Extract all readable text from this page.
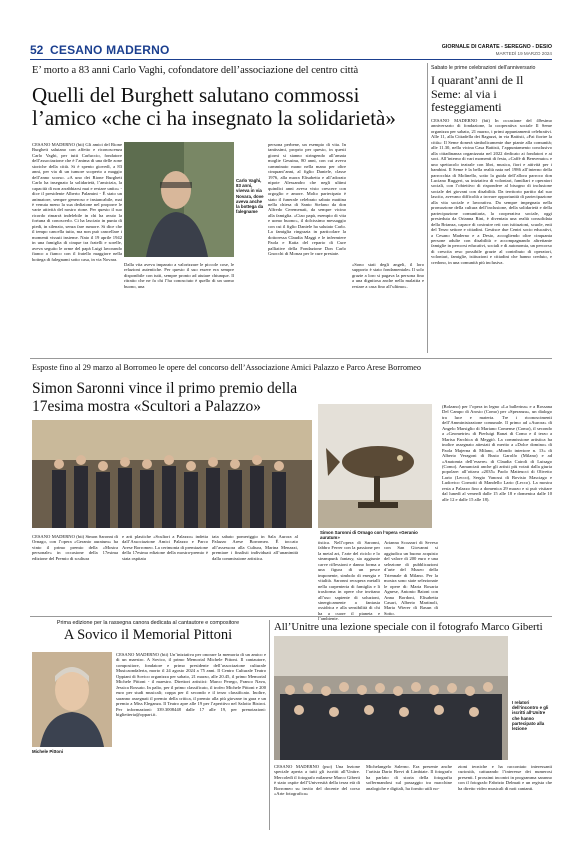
52 CESANO MADERNO	GIORNALE DI CARATE - SEREGNO - DESIO
MARTEDÌ 19 MARZO 2024
E’ morto a 83 anni Carlo Vaghi, cofondatore dell’associazione del centro città
Quelli del Burghett salutano commossi l’amico «che ci ha insegnato la solidarietà»
CESANO MADERNO (bti) Gli amici del Rione Burghett salutano con affetto e riconoscenza Carlo Vaghi, per tutti Carluccio, fondatore dell’associazione che è l’anima di una delle zone storiche della città. Si è spento giovedì, a 83 anni, per via di un tumore scoperto a maggio dell’anno scorso. «A uno dei Rione Burghett Carlo ha insegnato la solidarietà, l’amicizia, la capacità di non arrabbiarsi mai e restare unito» - dice il presidente Alberto Palamini - È stato un animatore, sempre generoso e instancabile, mai è venuta meno la sua dedizione nel proporre le varie attività del nostro rione. Per questo il suo ricordo rimarrà indelebile in chi ha avuto la fortuna di conoscerlo. Ci ha lasciato in punta di piedi, in silenzio, senza fare rumore. Si dice che il tempo cancella tutto, ma non può cancellare i momenti vissuti insieme. Nato il 19 aprile 1942 in una famiglia di cinque tra fratelli e sorelle, aveva seguito le orme del papà Luigi lavorando fianco a fianco con il fratello maggiore nella bottega di falegnami sotto casa, in via Novara.
Carlo Vaghi, 83 anni, viveva in via Novara, dove aveva anche la bottega da falegname
Dalla vita aveva imparato a valorizzare le piccole cose, le relazioni autentiche. Per questo il suo essere era sempre disponibile con tutti, sempre pronto ad aiutare chiunque. Il ritratto che ne fa chi l’ha conosciuto è quello di un uomo buono, una
persona perbene, un esempio di vita. In tantissimi, proprio per questo, in questi giorni si stanno stringendo all’amata moglie Gesuina, 80 anni, con cui aveva camminato mano nella mano per oltre cinquant’anni, al figlio Daniele, classe 1976, alla nuora Elisabetta e all’adorato nipote Alessandro che negli ultimi quindici anni aveva visto crescere con orgoglio e amore. Molto partecipato è stato il funerale celebrato sabato mattina nella chiesa di Santo Stefano da don Alfredo Ceremenati, da sempre vicino alla famiglia. «Ciao papà, esempio di vita e uomo buono», il dolcissimo messaggio con cui il figlio Daniele ha salutato Carlo. La famiglia ringrazia in particolare la dottoressa Claudia Maggi e le infermiere Paola e Katia del reparto di Cure palliative della Fondazione Don Carlo Gnocchi di Monza per le cure prestate.
«Sono stati degli angeli, il loro supporto è stato fondamentale» Il solo grazie a loro si pagava la persona fino a una dignitosa anche nella malattia e restare a casa fino all’ultimo».
Sabato le prime celebrazioni dell’anniversario
I quarant’anni de Il Seme: al via i festeggiamenti
CESANO MADERNO (bti) In occasione del 40esimo anniversario di fondazione, la cooperativa sociale Il Seme organizza per sabato, 21 marzo, i primi appuntamenti celebrativi. Alle 11, alla Cittadella dei Ragazzi, in via Battisti, «Fai fiorire la città»: Il Seme donerà simbolicamente due piante alla comunità; alle 11.30, nella vicina Casa Battisti, l’appuntamento conclusivo alla cittadinanza organizzata nel 2022 dedicato ai fondatori e ai soci. All’interno di vari momenti di festa, «Caffè di Benvenuto» e uno spettacolo teatrale con libri, musica, fiori e attività per i bambini. Il Seme è la bella realtà nata nel 1986 all’interno della parrocchia di Molinello, sotto la guida dell’allora parroco don Luciano Ruggeri, su iniziativa di volontari, familiari e operatori sociali, con l’obiettivo di rispondere al bisogno di inclusione sociale dei giovani con disabilità. Da territorio partito dal suo lascito, avevano difficoltà a trovare opportunità di partecipazione alla vita sociale e lavorativa. Da sempre impegnata nella promozione della cultura dell’inclusione, della solidarietà e della partecipazione comunitaria, la cooperativa sociale, oggi presieduta da Orianna Rini, è diventata una realtà consolidata della Brianza, capace di costruire reti con istituzioni, scuole, enti del Terzo settore e cittadini. Gestisce due Centri socio educativi, a Cesano Maderno e a Desio, accogliendo oltre cinquanta persone adulte con disabilità e accompagnando altrettante famiglie in percorsi educativi, sociali e di autonomia, un percorso di crescita reso possibile grazie al contributo di operatori, volontari, famiglie, istituzioni e cittadini che hanno creduto, e credono, in una comunità più inclusiva.
Esposte fino al 29 marzo al Borromeo le opere del concorso dell’Associazione Amici Palazzo e Parco Arese Borromeo
Simon Saronni vince il primo premio della 17esima mostra «Scultori a Palazzo»
Simon Saronni di Ornago con l’opera «Geranio auratum»
CESANO MADERNO (bti) Simon Saronni di Ornago, con l’opera «Geranio auratum» ha vinto il primo premio della «Mostra personale» in occasione della 17esima edizione del Premio di scultura
e arti plastiche «Scultori a Palazzo» indetta dall’Associazione Amici Palazzo e Parco Arese Borromeo. La cerimonia di premiazione della 17esima edizione della mostra-premio è stata ospitata
tata sabato pomeriggio in Sala Aurora al Palazzo Arese Borromeo. È toccato all’assessora alla Cultura, Marina Menazzi, premiare i finalisti individuati all’unanimità dalla commissione artistica.
tistica. Nell’opera di Saronni, fabbro Ferrer con la passione per la metal art, l’arte del riciclo e lo steampunk fantasy, sia aggiunte carve riflessioni e danno forma a una figura di un pesce imponente, simbolo di energia e vitalità. Saronni recupera metalli nella carpenteria di famiglia e li trasforma in opere che invitano all’uso sapiente di soluzioni, sinergicamente a fantasia ossidrica e alla sensibilità di chi ha a cuore il pianeta e l’ambiente.
Arianna Scozzari di Seveso con San Giovanni si aggiudica un buono acquisto del valore di 200 euro e una selezione di pubblicazioni d’arte del Museo della Triennale di Milano. Per la mostra sono state selezionate le opere di: Maria Rosaria Agnese, Antonio Baioni con Anna Bordoni, Elisabetta Casari, Alberto Martinoli, Marta Wierer di Rasun di Sotto.
(Bolzano) per l’opera in legno «La ballerina» e a Rossana Del Campo di Arosio (Como) per «Speranza», un dialogo tra luce e materia. Tre i riconoscimenti dell’Amministrazione comunale. Il primo ad «Aurora» di Angelo Marsiglio di Mariano Comense (Como), il secondo a «Geometrie» di Pierluigi Ranzi di Como e il terzo a Marisa Farchica di Meggiò. La commissione artistica ha inoltre assegnato attestati di merito a «Dolce domino» di Paola Majerna di Milano, «Mondo interiore n. 13» di Alberto Veragoni di Busto Garolfo (Milano) e ad «Anatomia dell’essere» di Claudia Cairoli di Luisago (Como). Annunciati anche gli artisti più votati dalla giuria popolare: all’ottava «2035» Paolo Matteucci di Olivetto Lario (Lecco), Sergio Vanossi di Bovisio Masciago e Ludovico Cornotti di Mandello Lario (Lecco). La mostra resta a Palazzo fino a domenica 29 marzo e si può visitare dal lunedì al venerdì dalle 15 alle 18 e domenica dalle 10 alle 12 e dalle 15 alle 18).
Prima edizione per la rassegna canora dedicata al cantautore e compositore
A Sovico il Memorial Pittoni
Michele Pittoni
CESANO MADERNO (bti) Un’iniziativa per onorare la memoria di un amico e di un maestro. A Sovico, il primo Memorial Michele Pittoni. Il cantautore, compositore, fondatore e primo presidente dell’associazione culturale Musicaondalerta, morto il 24 agosto 2024 a 75 anni. Il Centro Culturale Teatro Oppiani di Sovico organizza per sabato, 21 marzo, alle 20.45, il primo Memorial Michele Pittoni - il maestro. Direttori artistici: Marco Perego, Franco Nava, Jessica Rossato. In palio, per il primo classificato, il trofeo Michele Pittoni e 200 euro per studi musicali; coppa per il secondo e il terzo classificato. Inoltre, saranno assegnati il premio della critica, il premio alla più giovane in gara e un premio a Miss Eleganza. Il Teatro apre alle 19 per l’aperitivo nel Salotto Bistrot. Per informazioni: 339.3008448 dalle 17 alle 19, per prenotazioni: biglietteria@oppart.it.
All’Unitre una lezione speciale con il fotografo Marco Giberti
I relatori dell’incontro e gli iscritti all’Unitre che hanno partecipato alla lezione
CESANO MADERNO (pso) Una lezione speciale aperta a tutti gli iscritti all’Unitre. Mercoledì il fotografo milanese Marco Giberti è stato ospite dell’Università della terza età di Borromeo su invito del docente del corso «Arte fotografica»
Michelangelo Salerno. Era presente anche l’artista Dario Brevi di Limbiate. Il fotografo ha parlato di storia della fotografia soffermandosi sul passaggio tra macchine analogiche e digitali, ha fornito utili no-
zioni tecniche e ha raccontato interessanti curiosità, catturando l’interesse dei numerosi presenti. I prossimi incontri in programma saranno con il fotografo Fabrizio Delmati e un regista che ha diretto video musicali di noti cantanti.
